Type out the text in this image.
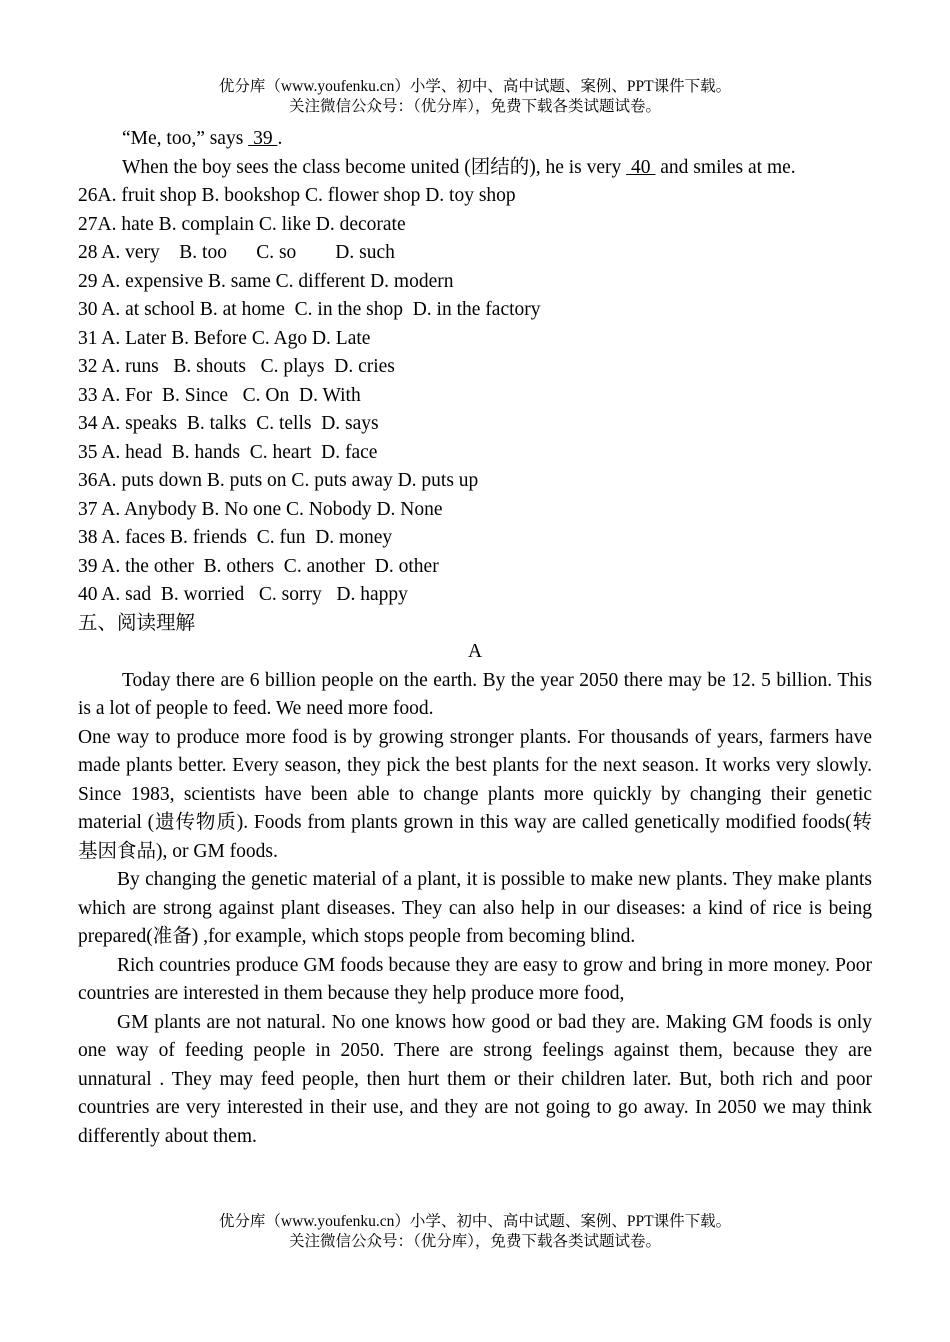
优分库（www.youfenku.cn）小学、初中、高中试题、案例、PPT课件下载。
关注微信公众号：（优分库），免费下载各类试题试卷。

“Me, too,” says  39 .

When the boy sees the class become united (团结的), he is very  40  and smiles at me.

26A. fruit shop B. bookshop C. flower shop D. toy shop

27A. hate B. complain C. like D. decorate

28 A. very    B. too      C. so        D. such

29 A. expensive B. same C. different D. modern

30 A. at school B. at home  C. in the shop  D. in the factory

31 A. Later B. Before C. Ago D. Late

32 A. runs   B. shouts   C. plays  D. cries

33 A. For  B. Since   C. On  D. With

34 A. speaks  B. talks  C. tells  D. says

35 A. head  B. hands  C. heart  D. face

36A. puts down B. puts on C. puts away D. puts up

37 A. Anybody B. No one C. Nobody D. None

38 A. faces B. friends  C. fun  D. money

39 A. the other  B. others  C. another  D. other

40 A. sad  B. worried   C. sorry   D. happy

五、阅读理解

A

Today there are 6 billion people on the earth. By the year 2050 there may be 12. 5 billion. This is a lot of people to feed. We need more food.

One way to produce more food is by growing stronger plants. For thousands of years, farmers have made plants better. Every season, they pick the best plants for the next season. It works very slowly. Since 1983, scientists have been able to change plants more quickly by changing their genetic material (遗传物质). Foods from plants grown in this way are called genetically modified foods(转基因食品), or GM foods.

By changing the genetic material of a plant, it is possible to make new plants. They make plants which are strong against plant diseases. They can also help in our diseases: a kind of rice is being prepared(准备) ,for example, which stops people from becoming blind.

Rich countries produce GM foods because they are easy to grow and bring in more money. Poor countries are interested in them because they help produce more food,

GM plants are not natural. No one knows how good or bad they are. Making GM foods is only one way of feeding people in 2050. There are strong feelings against them, because they are unnatural . They may feed people, then hurt them or their children later. But, both rich and poor countries are very interested in their use, and they are not going to go away. In 2050 we may think differently about them.

优分库（www.youfenku.cn）小学、初中、高中试题、案例、PPT课件下载。
关注微信公众号：（优分库），免费下载各类试题试卷。
